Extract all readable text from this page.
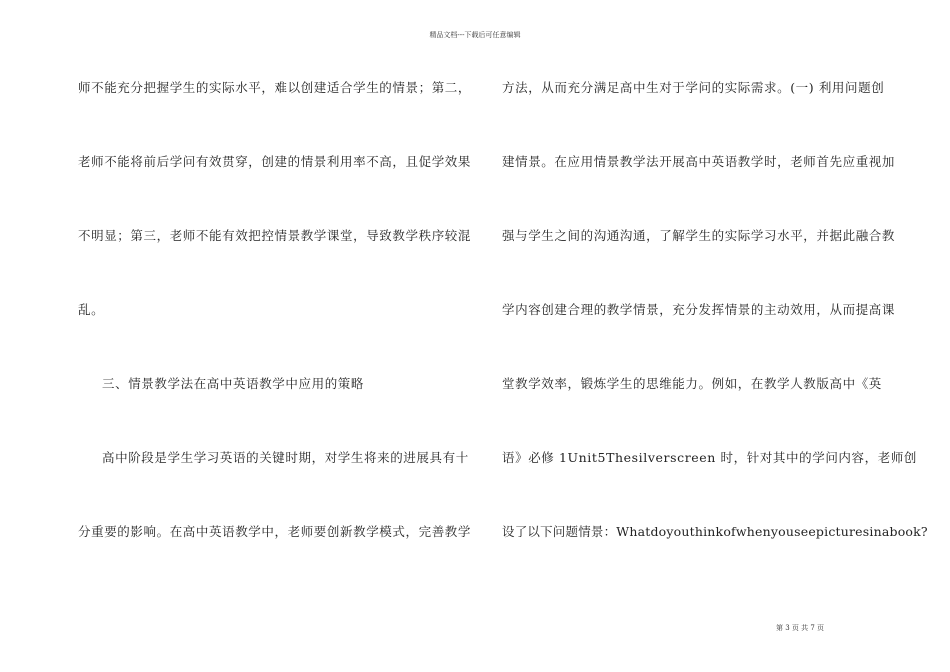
精品文档---下载后可任意编辑
师不能充分把握学生的实际水平，难以创建适合学生的情景；第二，
老师不能将前后学问有效贯穿，创建的情景利用率不高，且促学效果
不明显；第三，老师不能有效把控情景教学课堂，导致教学秩序较混
乱。
三、情景教学法在高中英语教学中应用的策略
高中阶段是学生学习英语的关键时期，对学生将来的进展具有十
分重要的影响。在高中英语教学中，老师要创新教学模式，完善教学
方法，从而充分满足高中生对于学问的实际需求。(一) 利用问题创
建情景。在应用情景教学法开展高中英语教学时，老师首先应重视加
强与学生之间的沟通沟通，了解学生的实际学习水平，并据此融合教
学内容创建合理的教学情景，充分发挥情景的主动效用，从而提高课
堂教学效率，锻炼学生的思维能力。例如，在教学人教版高中《英
语》必修 1Unit5Thesilverscreen 时，针对其中的学问内容，老师创
设了以下问题情景：Whatdoyouthinkofwhenyouseepicturesinabook?
第 3 页 共 7 页
